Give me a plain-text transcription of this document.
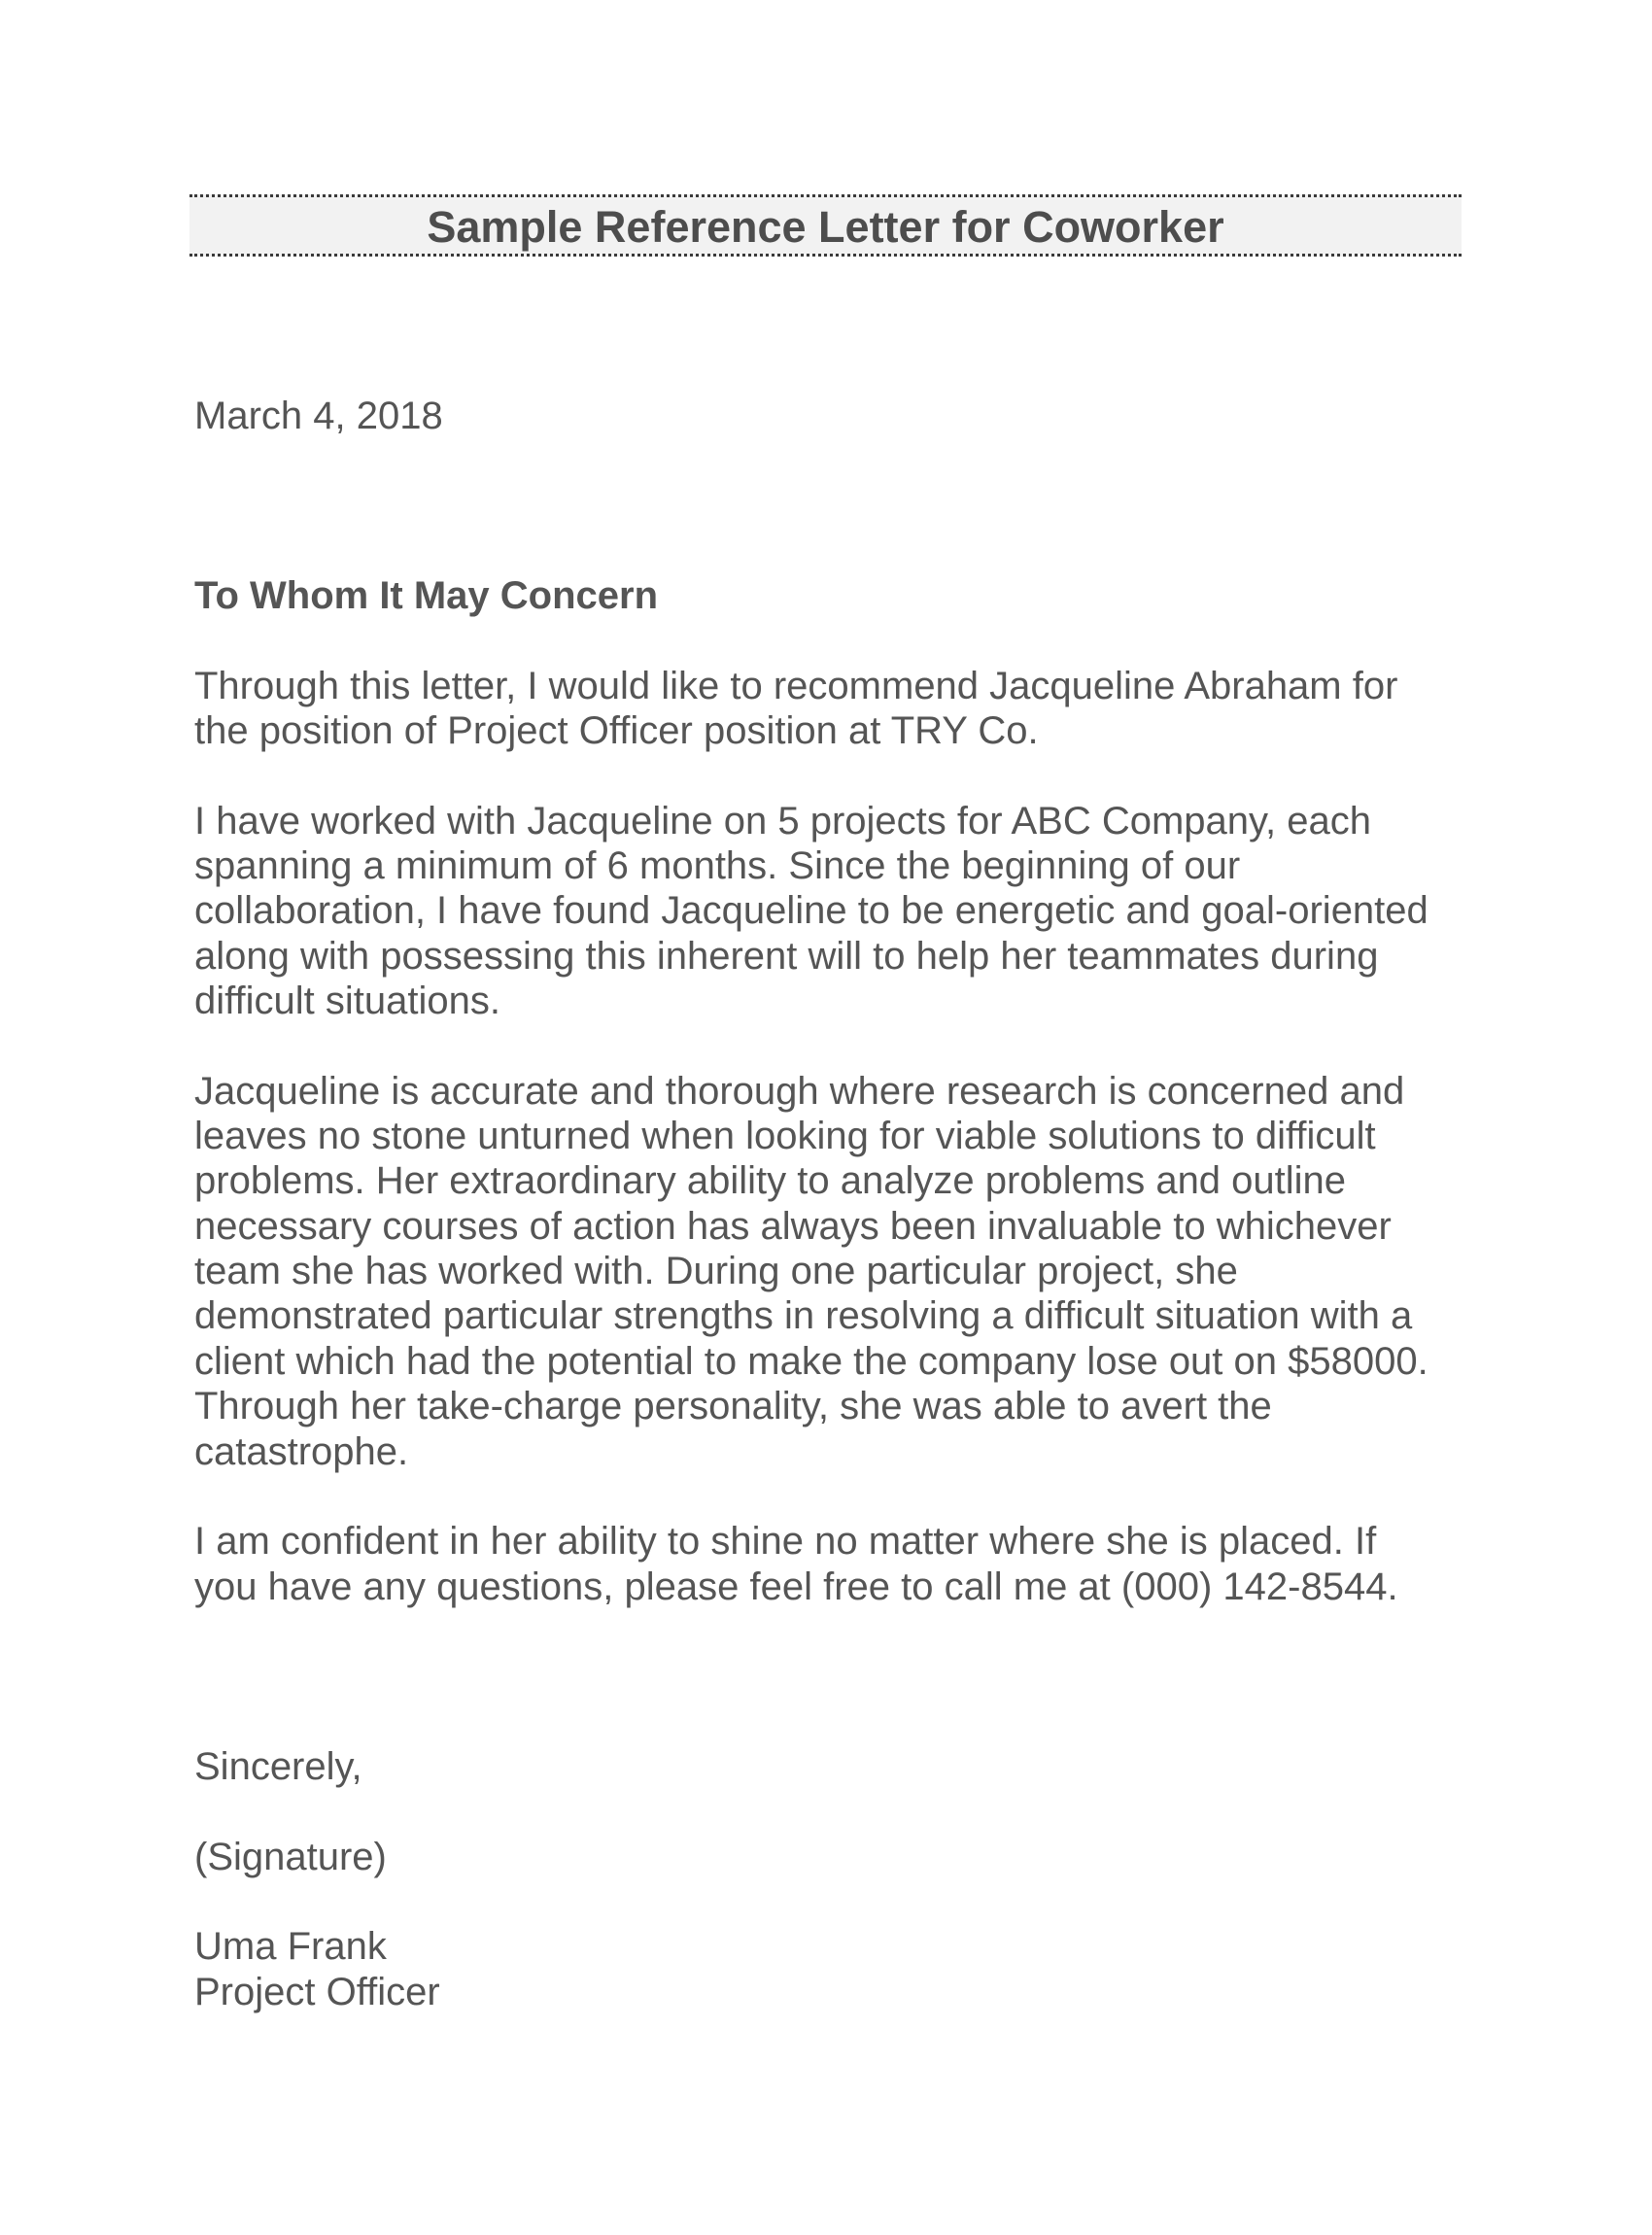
Sample Reference Letter for Coworker
March 4, 2018
To Whom It May Concern
Through this letter, I would like to recommend Jacqueline Abraham for
the position of Project Officer position at TRY Co.
I have worked with Jacqueline on 5 projects for ABC Company, each
spanning a minimum of 6 months. Since the beginning of our
collaboration, I have found Jacqueline to be energetic and goal-oriented
along with possessing this inherent will to help her teammates during
difficult situations.
Jacqueline is accurate and thorough where research is concerned and
leaves no stone unturned when looking for viable solutions to difficult
problems. Her extraordinary ability to analyze problems and outline
necessary courses of action has always been invaluable to whichever
team she has worked with. During one particular project, she
demonstrated particular strengths in resolving a difficult situation with a
client which had the potential to make the company lose out on $58000.
Through her take-charge personality, she was able to avert the
catastrophe.
I am confident in her ability to shine no matter where she is placed. If
you have any questions, please feel free to call me at (000) 142-8544.
Sincerely,
(Signature)
Uma Frank
Project Officer
